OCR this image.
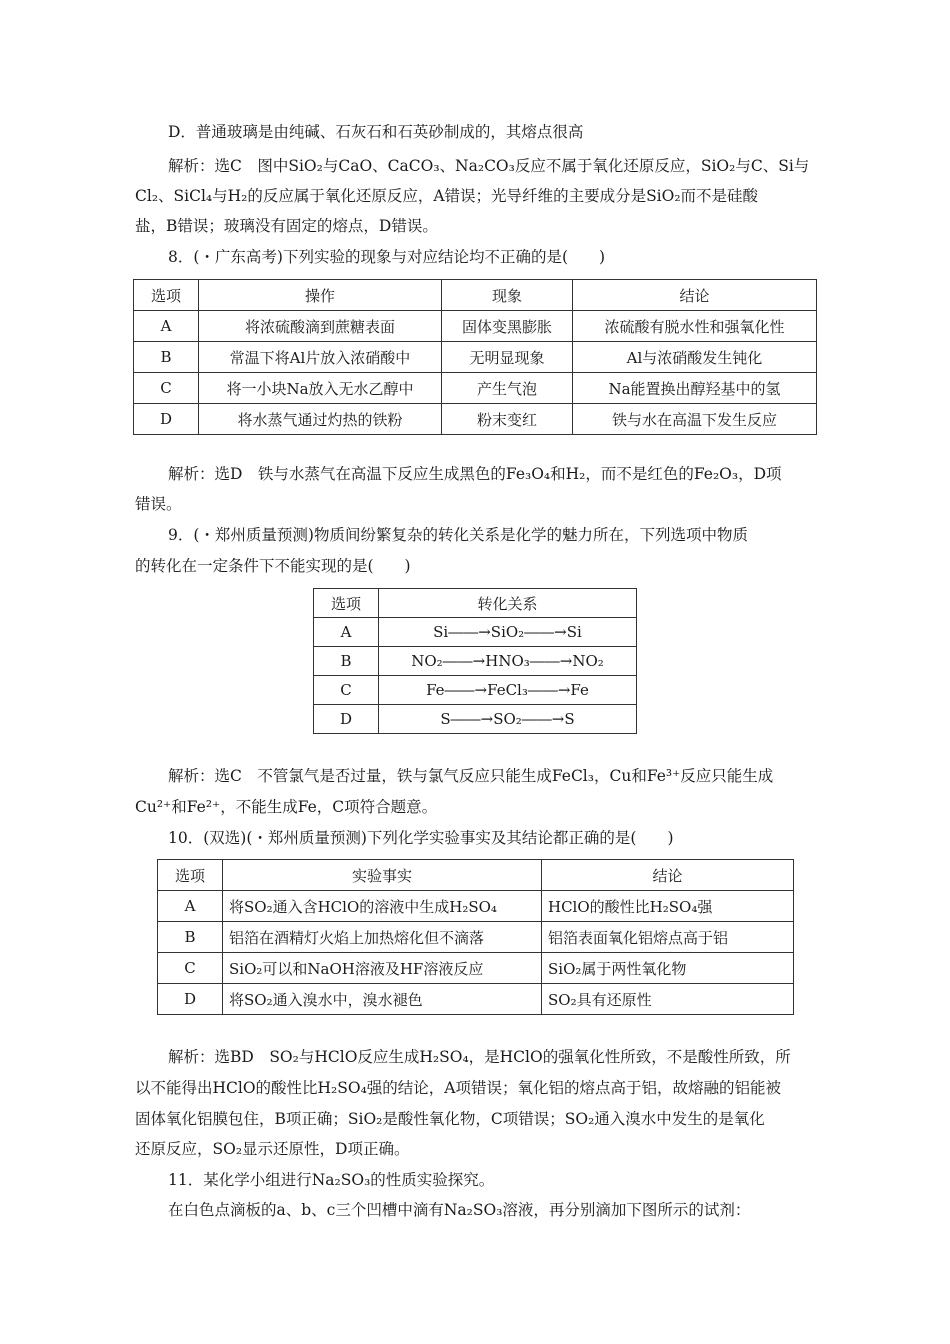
D．普通玻璃是由纯碱、石灰石和石英砂制成的，其熔点很高
解析：选C　图中SiO₂与CaO、CaCO₃、Na₂CO₃反应不属于氧化还原反应，SiO₂与C、Si与
Cl₂、SiCl₄与H₂的反应属于氧化还原反应，A错误；光导纤维的主要成分是SiO₂而不是硅酸
盐，B错误；玻璃没有固定的熔点，D错误。
8．(・广东高考)下列实验的现象与对应结论均不正确的是(　　)
选项	操作	现象	结论
A	将浓硫酸滴到蔗糖表面	固体变黑膨胀	浓硫酸有脱水性和强氧化性
B	常温下将Al片放入浓硝酸中	无明显现象	Al与浓硝酸发生钝化
C	将一小块Na放入无水乙醇中	产生气泡	Na能置换出醇羟基中的氢
D	将水蒸气通过灼热的铁粉	粉末变红	铁与水在高温下发生反应
解析：选D　铁与水蒸气在高温下反应生成黑色的Fe₃O₄和H₂，而不是红色的Fe₂O₃，D项
错误。
9．(・郑州质量预测)物质间纷繁复杂的转化关系是化学的魅力所在，下列选项中物质
的转化在一定条件下不能实现的是(　　)
选项	转化关系
A	Si――→SiO₂――→Si
B	NO₂――→HNO₃――→NO₂
C	Fe――→FeCl₃――→Fe
D	S――→SO₂――→S
解析：选C　不管氯气是否过量，铁与氯气反应只能生成FeCl₃，Cu和Fe³⁺反应只能生成
Cu²⁺和Fe²⁺，不能生成Fe，C项符合题意。
10．(双选)(・郑州质量预测)下列化学实验事实及其结论都正确的是(　　)
选项	实验事实	结论
A	将SO₂通入含HClO的溶液中生成H₂SO₄	HClO的酸性比H₂SO₄强
B	铝箔在酒精灯火焰上加热熔化但不滴落	铝箔表面氧化铝熔点高于铝
C	SiO₂可以和NaOH溶液及HF溶液反应	SiO₂属于两性氧化物
D	将SO₂通入溴水中，溴水褪色	SO₂具有还原性
解析：选BD　SO₂与HClO反应生成H₂SO₄，是HClO的强氧化性所致，不是酸性所致，所
以不能得出HClO的酸性比H₂SO₄强的结论，A项错误；氧化铝的熔点高于铝，故熔融的铝能被
固体氧化铝膜包住，B项正确；SiO₂是酸性氧化物，C项错误；SO₂通入溴水中发生的是氧化
还原反应，SO₂显示还原性，D项正确。
11．某化学小组进行Na₂SO₃的性质实验探究。
在白色点滴板的a、b、c三个凹槽中滴有Na₂SO₃溶液，再分别滴加下图所示的试剂：
